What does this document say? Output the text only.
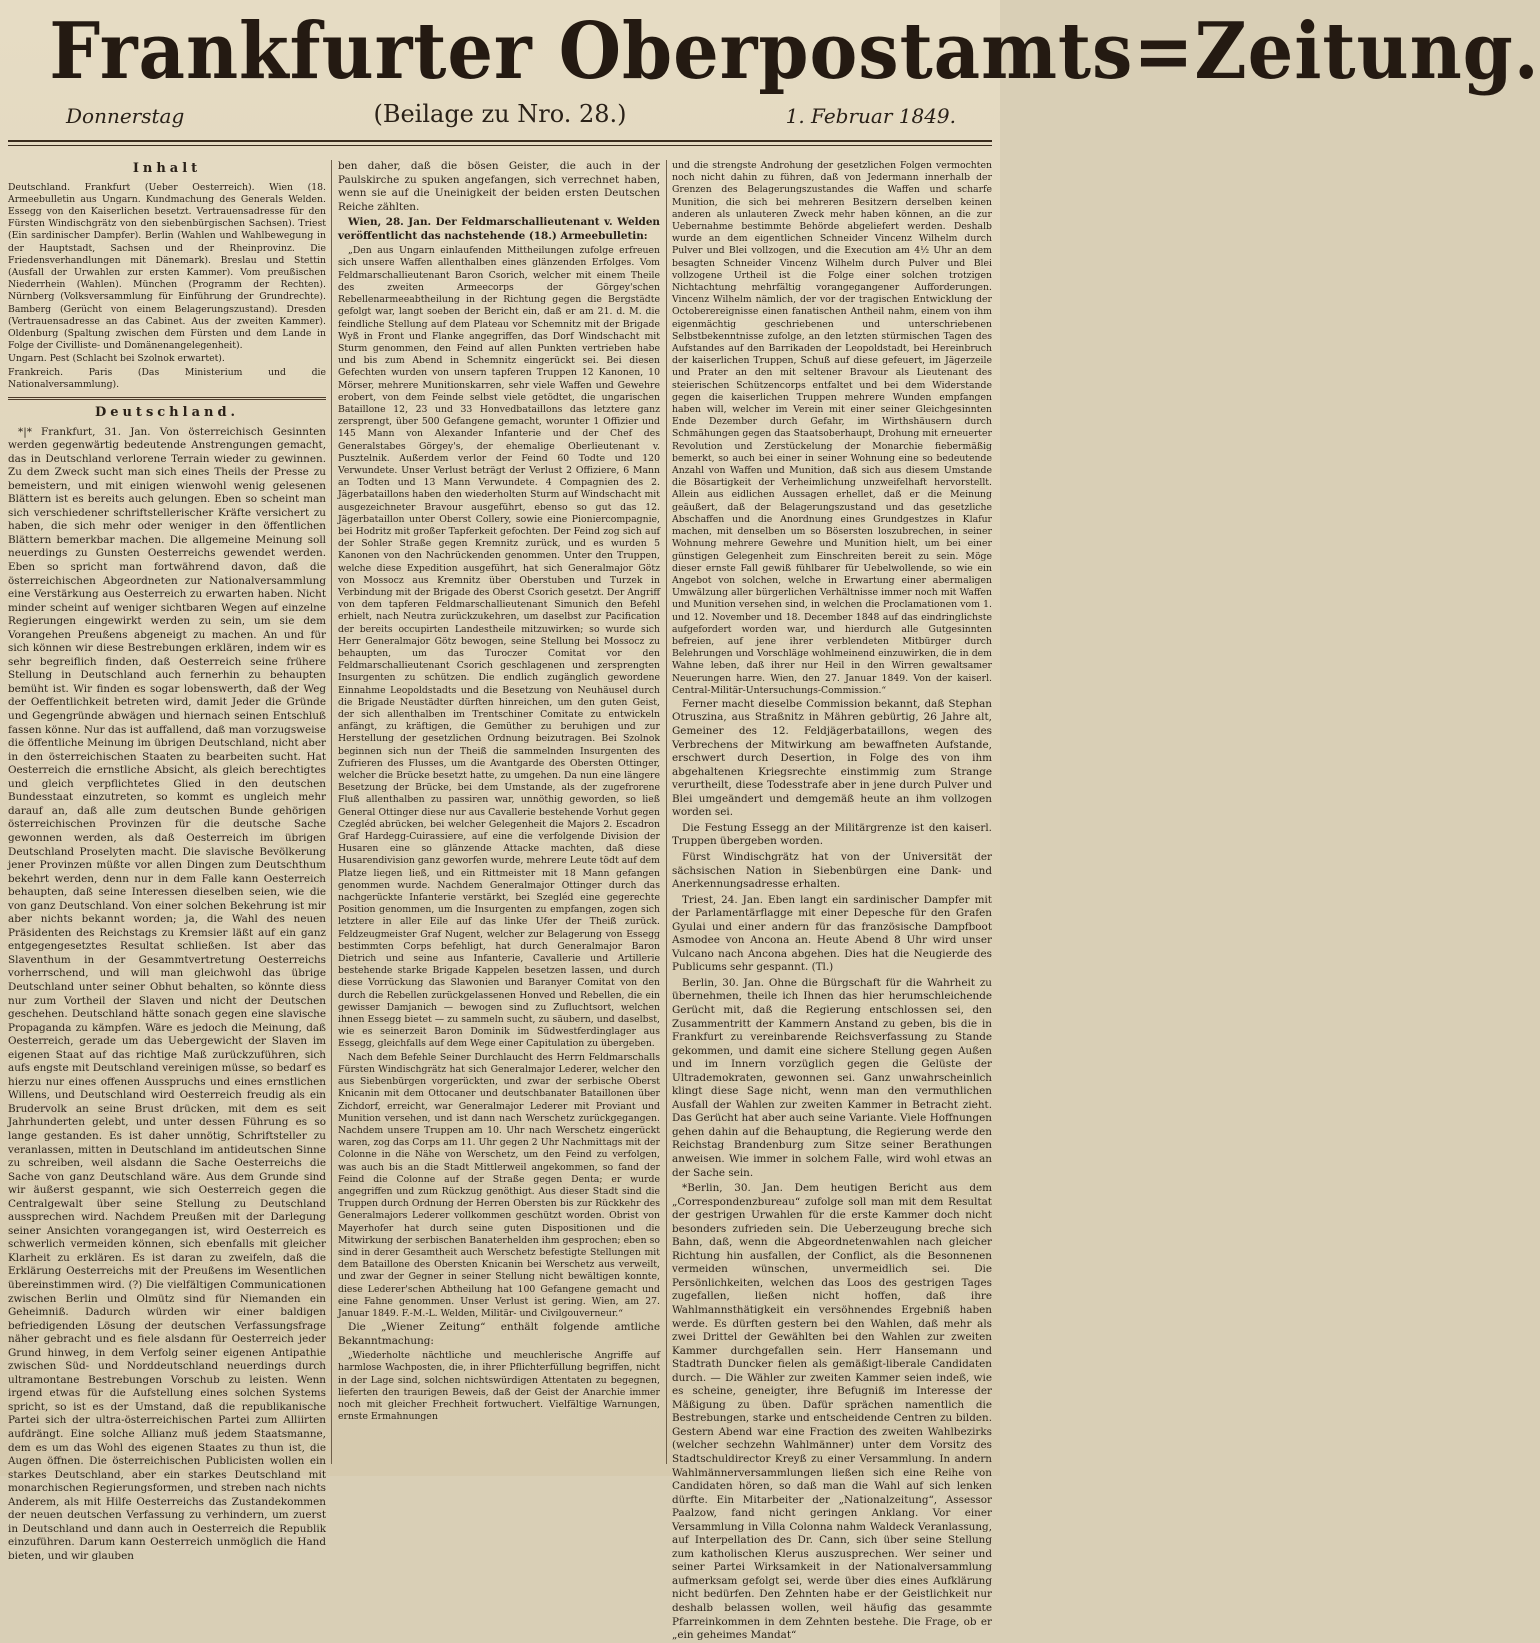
Frankfurter Oberpostamts=Zeitung.
Donnerstag	(Beilage zu Nro. 28.)	1. Februar 1849.
Inhalt

Deutschland. Frankfurt (Ueber Oesterreich). Wien (18. Armeebulletin aus Ungarn. Kundmachung des Generals Welden. Essegg von den Kaiserlichen besetzt. Vertrauensadresse für den Fürsten Windischgrätz von den siebenbürgischen Sachsen). Triest (Ein sardinischer Dampfer). Berlin (Wahlen und Wahlbewegung in der Hauptstadt, Sachsen und der Rheinprovinz. Die Friedensverhandlungen mit Dänemark). Breslau und Stettin (Ausfall der Urwahlen zur ersten Kammer). Vom preußischen Niederrhein (Wahlen). München (Programm der Rechten). Nürnberg (Volksversammlung für Einführung der Grundrechte). Bamberg (Gerücht von einem Belagerungszustand). Dresden (Vertrauensadresse an das Cabinet. Aus der zweiten Kammer). Oldenburg (Spaltung zwischen dem Fürsten und dem Lande in Folge der Civilliste- und Domänenangelegenheit).

Ungarn. Pest (Schlacht bei Szolnok erwartet).

Frankreich. Paris (Das Ministerium und die Nationalversammlung).

Deutschland.

*|* Frankfurt, 31. Jan. Von österreichisch Gesinnten werden gegenwärtig bedeutende Anstrengungen gemacht, das in Deutschland verlorene Terrain wieder zu gewinnen. Zu dem Zweck sucht man sich eines Theils der Presse zu bemeistern, und mit einigen wienwohl wenig gelesenen Blättern ist es bereits auch gelungen. Eben so scheint man sich verschiedener schriftstellerischer Kräfte versichert zu haben, die sich mehr oder weniger in den öffentlichen Blättern bemerkbar machen. Die allgemeine Meinung soll neuerdings zu Gunsten Oesterreichs gewendet werden. Eben so spricht man fortwährend davon, daß die österreichischen Abgeordneten zur Nationalversammlung eine Verstärkung aus Oesterreich zu erwarten haben. Nicht minder scheint auf weniger sichtbaren Wegen auf einzelne Regierungen eingewirkt werden zu sein, um sie dem Vorangehen Preußens abgeneigt zu machen. An und für sich können wir diese Bestrebungen erklären, indem wir es sehr begreiflich finden, daß Oesterreich seine frühere Stellung in Deutschland auch fernerhin zu behaupten bemüht ist. Wir finden es sogar lobenswerth, daß der Weg der Oeffentlichkeit betreten wird, damit Jeder die Gründe und Gegengründe abwägen und hiernach seinen Entschluß fassen könne. Nur das ist auffallend, daß man vorzugsweise die öffentliche Meinung im übrigen Deutschland, nicht aber in den österreichischen Staaten zu bearbeiten sucht. Hat Oesterreich die ernstliche Absicht, als gleich berechtigtes und gleich verpflichtetes Glied in den deutschen Bundesstaat einzutreten, so kommt es ungleich mehr darauf an, daß alle zum deutschen Bunde gehörigen österreichischen Provinzen für die deutsche Sache gewonnen werden, als daß Oesterreich im übrigen Deutschland Proselyten macht. Die slavische Bevölkerung jener Provinzen müßte vor allen Dingen zum Deutschthum bekehrt werden, denn nur in dem Falle kann Oesterreich behaupten, daß seine Interessen dieselben seien, wie die von ganz Deutschland. Von einer solchen Bekehrung ist mir aber nichts bekannt worden; ja, die Wahl des neuen Präsidenten des Reichstags zu Kremsier läßt auf ein ganz entgegengesetztes Resultat schließen. Ist aber das Slaventhum in der Gesammtvertretung Oesterreichs vorherrschend, und will man gleichwohl das übrige Deutschland unter seiner Obhut behalten, so könnte diess nur zum Vortheil der Slaven und nicht der Deutschen geschehen. Deutschland hätte sonach gegen eine slavische Propaganda zu kämpfen. Wäre es jedoch die Meinung, daß Oesterreich, gerade um das Uebergewicht der Slaven im eigenen Staat auf das richtige Maß zurückzuführen, sich aufs engste mit Deutschland vereinigen müsse, so bedarf es hierzu nur eines offenen Ausspruchs und eines ernstlichen Willens, und Deutschland wird Oesterreich freudig als ein Brudervolk an seine Brust drücken, mit dem es seit Jahrhunderten gelebt, und unter dessen Führung es so lange gestanden. Es ist daher unnötig, Schriftsteller zu veranlassen, mitten in Deutschland im antideutschen Sinne zu schreiben, weil alsdann die Sache Oesterreichs die Sache von ganz Deutschland wäre. Aus dem Grunde sind wir äußerst gespannt, wie sich Oesterreich gegen die Centralgewalt über seine Stellung zu Deutschland aussprechen wird. Nachdem Preußen mit der Darlegung seiner Ansichten vorangegangen ist, wird Oesterreich es schwerlich vermeiden können, sich ebenfalls mit gleicher Klarheit zu erklären. Es ist daran zu zweifeln, daß die Erklärung Oesterreichs mit der Preußens im Wesentlichen übereinstimmen wird. (?) Die vielfältigen Communicationen zwischen Berlin und Olmütz sind für Niemanden ein Geheimniß. Dadurch würden wir einer baldigen befriedigenden Lösung der deutschen Verfassungsfrage näher gebracht und es fiele alsdann für Oesterreich jeder Grund hinweg, in dem Verfolg seiner eigenen Antipathie zwischen Süd- und Norddeutschland neuerdings durch ultramontane Bestrebungen Vorschub zu leisten. Wenn irgend etwas für die Aufstellung eines solchen Systems spricht, so ist es der Umstand, daß die republikanische Partei sich der ultra-österreichischen Partei zum Alliirten aufdrängt. Eine solche Allianz muß jedem Staatsmanne, dem es um das Wohl des eigenen Staates zu thun ist, die Augen öffnen. Die österreichischen Publicisten wollen ein starkes Deutschland, aber ein starkes Deutschland mit monarchischen Regierungsformen, und streben nach nichts Anderem, als mit Hilfe Oesterreichs das Zustandekommen der neuen deutschen Verfassung zu verhindern, um zuerst in Deutschland und dann auch in Oesterreich die Republik einzuführen. Darum kann Oesterreich unmöglich die Hand bieten, und wir glauben

ben daher, daß die bösen Geister, die auch in der Paulskirche zu spuken angefangen, sich verrechnet haben, wenn sie auf die Uneinigkeit der beiden ersten Deutschen Reiche zählten.

Wien, 28. Jan. Der Feldmarschallieutenant v. Welden veröffentlicht das nachstehende (18.) Armeebulletin:

„Den aus Ungarn einlaufenden Mittheilungen zufolge erfreuen sich unsere Waffen allenthalben eines glänzenden Erfolges. Vom Feldmarschallieutenant Baron Csorich, welcher mit einem Theile des zweiten Armeecorps der Görgey'schen Rebellenarmeeabtheilung in der Richtung gegen die Bergstädte gefolgt war, langt soeben der Bericht ein, daß er am 21. d. M. die feindliche Stellung auf dem Plateau vor Schemnitz mit der Brigade Wyß in Front und Flanke angegriffen, das Dorf Windschacht mit Sturm genommen, den Feind auf allen Punkten vertrieben habe und bis zum Abend in Schemnitz eingerückt sei. Bei diesen Gefechten wurden von unsern tapferen Truppen 12 Kanonen, 10 Mörser, mehrere Munitionskarren, sehr viele Waffen und Gewehre erobert, von dem Feinde selbst viele getödtet, die ungarischen Bataillone 12, 23 und 33 Honvedbataillons das letztere ganz zersprengt, über 500 Gefangene gemacht, worunter 1 Offizier und 145 Mann von Alexander Infanterie und der Chef des Generalstabes Görgey's, der ehemalige Oberlieutenant v. Pusztelnik. Außerdem verlor der Feind 60 Todte und 120 Verwundete. Unser Verlust beträgt der Verlust 2 Offiziere, 6 Mann an Todten und 13 Mann Verwundete. 4 Compagnien des 2. Jägerbataillons haben den wiederholten Sturm auf Windschacht mit ausgezeichneter Bravour ausgeführt, ebenso so gut das 12. Jägerbataillon unter Oberst Collery, sowie eine Pioniercompagnie, bei Hodritz mit großer Tapferkeit gefochten. Der Feind zog sich auf der Sohler Straße gegen Kremnitz zurück, und es wurden 5 Kanonen von den Nachrückenden genommen. Unter den Truppen, welche diese Expedition ausgeführt, hat sich Generalmajor Götz von Mossocz aus Kremnitz über Oberstuben und Turzek in Verbindung mit der Brigade des Oberst Csorich gesetzt. Der Angriff von dem tapferen Feldmarschallieutenant Simunich den Befehl erhielt, nach Neutra zurückzukehren, um daselbst zur Pacification der bereits occupirten Landestheile mitzuwirken; so wurde sich Herr Generalmajor Götz bewogen, seine Stellung bei Mossocz zu behaupten, um das Turoczer Comitat vor den Feldmarschallieutenant Csorich geschlagenen und zersprengten Insurgenten zu schützen. Die endlich zugänglich gewordene Einnahme Leopoldstadts und die Besetzung von Neuhäusel durch die Brigade Neustädter dürften hinreichen, um den guten Geist, der sich allenthalben im Trentschiner Comitate zu entwickeln anfängt, zu kräftigen, die Gemüther zu beruhigen und zur Herstellung der gesetzlichen Ordnung beizutragen. Bei Szolnok beginnen sich nun der Theiß die sammelnden Insurgenten des Zufrieren des Flusses, um die Avantgarde des Obersten Ottinger, welcher die Brücke besetzt hatte, zu umgehen. Da nun eine längere Besetzung der Brücke, bei dem Umstande, als der zugefrorene Fluß allenthalben zu passiren war, unnöthig geworden, so ließ General Ottinger diese nur aus Cavallerie bestehende Vorhut gegen Czegléd abrücken, bei welcher Gelegenheit die Majors 2. Escadron Graf Hardegg-Cuirassiere, auf eine die verfolgende Division der Husaren eine so glänzende Attacke machten, daß diese Husarendivision ganz geworfen wurde, mehrere Leute tödt auf dem Platze liegen ließ, und ein Rittmeister mit 18 Mann gefangen genommen wurde. Nachdem Generalmajor Ottinger durch das nachgerückte Infanterie verstärkt, bei Szegléd eine gegerechte Position genommen, um die Insurgenten zu empfangen, zogen sich letztere in aller Eile auf das linke Ufer der Theiß zurück. Feldzeugmeister Graf Nugent, welcher zur Belagerung von Essegg bestimmten Corps befehligt, hat durch Generalmajor Baron Dietrich und seine aus Infanterie, Cavallerie und Artillerie bestehende starke Brigade Kappelen besetzen lassen, und durch diese Vorrückung das Slawonien und Baranyer Comitat von den durch die Rebellen zurückgelassenen Honved und Rebellen, die ein gewisser Damjanich — bewogen sind zu Zufluchtsort, welchen ihnen Essegg bietet — zu sammeln sucht, zu säubern, und daselbst, wie es seinerzeit Baron Dominik im Südwestferdinglager aus Essegg, gleichfalls auf dem Wege einer Capitulation zu übergeben.

Nach dem Befehle Seiner Durchlaucht des Herrn Feldmarschalls Fürsten Windischgrätz hat sich Generalmajor Lederer, welcher den aus Siebenbürgen vorgerückten, und zwar der serbische Oberst Knicanin mit dem Ottocaner und deutschbanater Bataillonen über Zichdorf, erreicht, war Generalmajor Lederer mit Proviant und Munition versehen, und ist dann nach Werschetz zurückgegangen. Nachdem unsere Truppen am 10. Uhr nach Werschetz eingerückt waren, zog das Corps am 11. Uhr gegen 2 Uhr Nachmittags mit der Colonne in die Nähe von Werschetz, um den Feind zu verfolgen, was auch bis an die Stadt Mittlerweil angekommen, so fand der Feind die Colonne auf der Straße gegen Denta; er wurde angegriffen und zum Rückzug genöthigt. Aus dieser Stadt sind die Truppen durch Ordnung der Herren Obersten bis zur Rückkehr des Generalmajors Lederer vollkommen geschützt worden. Obrist von Mayerhofer hat durch seine guten Dispositionen und die Mitwirkung der serbischen Banaterhelden ihm gesprochen; eben so sind in derer Gesamtheit auch Werschetz befestigte Stellungen mit dem Bataillone des Obersten Knicanin bei Werschetz aus verweilt, und zwar der Gegner in seiner Stellung nicht bewältigen konnte, diese Lederer'schen Abtheilung hat 100 Gefangene gemacht und eine Fahne genommen. Unser Verlust ist gering. Wien, am 27. Januar 1849. F.-M.-L. Welden, Militär- und Civilgouverneur.“

Die „Wiener Zeitung“ enthält folgende amtliche Bekanntmachung:

„Wiederholte nächtliche und meuchlerische Angriffe auf harmlose Wachposten, die, in ihrer Pflichterfüllung begriffen, nicht in der Lage sind, solchen nichtswürdigen Attentaten zu begegnen, lieferten den traurigen Beweis, daß der Geist der Anarchie immer noch mit gleicher Frechheit fortwuchert. Vielfältige Warnungen, ernste Ermahnungen

und die strengste Androhung der gesetzlichen Folgen vermochten noch nicht dahin zu führen, daß von Jedermann innerhalb der Grenzen des Belagerungszustandes die Waffen und scharfe Munition, die sich bei mehreren Besitzern derselben keinen anderen als unlauteren Zweck mehr haben können, an die zur Uebernahme bestimmte Behörde abgeliefert werden. Deshalb wurde an dem eigentlichen Schneider Vincenz Wilhelm durch Pulver und Blei vollzogen, und die Execution am 4½ Uhr an dem besagten Schneider Vincenz Wilhelm durch Pulver und Blei vollzogene Urtheil ist die Folge einer solchen trotzigen Nichtachtung mehrfältig vorangegangener Aufforderungen. Vincenz Wilhelm nämlich, der vor der tragischen Entwicklung der Octoberereignisse einen fanatischen Antheil nahm, einem von ihm eigenmächtig geschriebenen und unterschriebenen Selbstbekenntnisse zufolge, an den letzten stürmischen Tagen des Aufstandes auf den Barrikaden der Leopoldstadt, bei Hereinbruch der kaiserlichen Truppen, Schuß auf diese gefeuert, im Jägerzeile und Prater an den mit seltener Bravour als Lieutenant des steierischen Schützencorps entfaltet und bei dem Widerstande gegen die kaiserlichen Truppen mehrere Wunden empfangen haben will, welcher im Verein mit einer seiner Gleichgesinnten Ende Dezember durch Gefahr, im Wirthshäusern durch Schmähungen gegen das Staatsoberhaupt, Drohung mit erneuerter Revolution und Zerstückelung der Monarchie fiebermäßig bemerkt, so auch bei einer in seiner Wohnung eine so bedeutende Anzahl von Waffen und Munition, daß sich aus diesem Umstande die Bösartigkeit der Verheimlichung unzweifelhaft hervorstellt. Allein aus eidlichen Aussagen erhellet, daß er die Meinung geäußert, daß der Belagerungszustand und das gesetzliche Abschaffen und die Anordnung eines Grundgestzes in Klafur machen, mit denselben um so Bösersten loszubrechen, in seiner Wohnung mehrere Gewehre und Munition hielt, um bei einer günstigen Gelegenheit zum Einschreiten bereit zu sein. Möge dieser ernste Fall gewiß fühlbarer für Uebelwollende, so wie ein Angebot von solchen, welche in Erwartung einer abermaligen Umwälzung aller bürgerlichen Verhältnisse immer noch mit Waffen und Munition versehen sind, in welchen die Proclamationen vom 1. und 12. November und 18. December 1848 auf das eindringlichste aufgefordert worden war, und hierdurch alle Gutgesinnten befreien, auf jene ihrer verblendeten Mitbürger durch Belehrungen und Vorschläge wohlmeinend einzuwirken, die in dem Wahne leben, daß ihrer nur Heil in den Wirren gewaltsamer Neuerungen harre. Wien, den 27. Januar 1849. Von der kaiserl. Central-Militär-Untersuchungs-Commission.“

Ferner macht dieselbe Commission bekannt, daß Stephan Otruszina, aus Straßnitz in Mähren gebürtig, 26 Jahre alt, Gemeiner des 12. Feldjägerbataillons, wegen des Verbrechens der Mitwirkung am bewaffneten Aufstande, erschwert durch Desertion, in Folge des von ihm abgehaltenen Kriegsrechte einstimmig zum Strange verurtheilt, diese Todesstrafe aber in jene durch Pulver und Blei umgeändert und demgemäß heute an ihm vollzogen worden sei.

Die Festung Essegg an der Militärgrenze ist den kaiserl. Truppen übergeben worden.

Fürst Windischgrätz hat von der Universität der sächsischen Nation in Siebenbürgen eine Dank- und Anerkennungsadresse erhalten.

Triest, 24. Jan. Eben langt ein sardinischer Dampfer mit der Parlamentärflagge mit einer Depesche für den Grafen Gyulai und einer andern für das französische Dampfboot Asmodee von Ancona an. Heute Abend 8 Uhr wird unser Vulcano nach Ancona abgehen. Dies hat die Neugierde des Publicums sehr gespannt. (Tl.)

Berlin, 30. Jan. Ohne die Bürgschaft für die Wahrheit zu übernehmen, theile ich Ihnen das hier herumschleichende Gerücht mit, daß die Regierung entschlossen sei, den Zusammentritt der Kammern Anstand zu geben, bis die in Frankfurt zu vereinbarende Reichsverfassung zu Stande gekommen, und damit eine sichere Stellung gegen Außen und im Innern vorzüglich gegen die Gelüste der Ultrademokraten, gewonnen sei. Ganz unwahrscheinlich klingt diese Sage nicht, wenn man den vermuthlichen Ausfall der Wahlen zur zweiten Kammer in Betracht zieht. Das Gerücht hat aber auch seine Variante. Viele Hoffnungen gehen dahin auf die Behauptung, die Regierung werde den Reichstag Brandenburg zum Sitze seiner Berathungen anweisen. Wie immer in solchem Falle, wird wohl etwas an der Sache sein.

*Berlin, 30. Jan. Dem heutigen Bericht aus dem „Correspondenzbureau“ zufolge soll man mit dem Resultat der gestrigen Urwahlen für die erste Kammer doch nicht besonders zufrieden sein. Die Ueberzeugung breche sich Bahn, daß, wenn die Abgeordnetenwahlen nach gleicher Richtung hin ausfallen, der Conflict, als die Besonnenen vermeiden wünschen, unvermeidlich sei. Die Persönlichkeiten, welchen das Loos des gestrigen Tages zugefallen, ließen nicht hoffen, daß ihre Wahlmannsthätigkeit ein versöhnendes Ergebniß haben werde. Es dürften gestern bei den Wahlen, daß mehr als zwei Drittel der Gewählten bei den Wahlen zur zweiten Kammer durchgefallen sein. Herr Hansemann und Stadtrath Duncker fielen als gemäßigt-liberale Candidaten durch. — Die Wähler zur zweiten Kammer seien indeß, wie es scheine, geneigter, ihre Befugniß im Interesse der Mäßigung zu üben. Dafür sprächen namentlich die Bestrebungen, starke und entscheidende Centren zu bilden. Gestern Abend war eine Fraction des zweiten Wahlbezirks (welcher sechzehn Wahlmänner) unter dem Vorsitz des Stadtschuldirector Kreyß zu einer Versammlung. In andern Wahlmännerversammlungen ließen sich eine Reihe von Candidaten hören, so daß man die Wahl auf sich lenken dürfte. Ein Mitarbeiter der „Nationalzeitung“, Assessor Paalzow, fand nicht geringen Anklang. Vor einer Versammlung in Villa Colonna nahm Waldeck Veranlassung, auf Interpellation des Dr. Cann, sich über seine Stellung zum katholischen Klerus auszusprechen. Wer seiner und seiner Partei Wirksamkeit in der Nationalversammlung aufmerksam gefolgt sei, werde über dies eines Aufklärung nicht bedürfen. Den Zehnten habe er der Geistlichkeit nur deshalb belassen wollen, weil häufig das gesammte Pfarreinkommen in dem Zehnten bestehe. Die Frage, ob er „ein geheimes Mandat“
